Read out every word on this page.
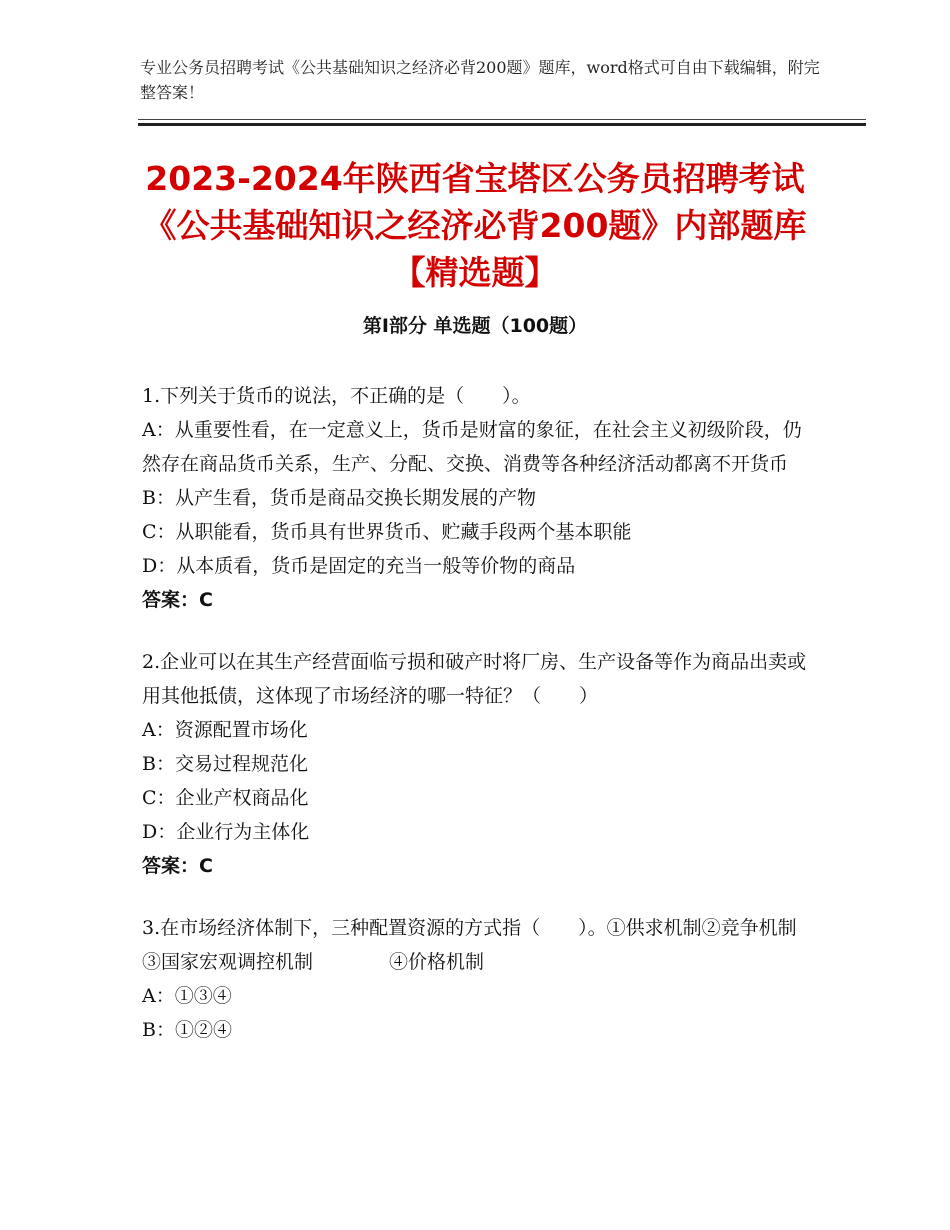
专业公务员招聘考试《公共基础知识之经济必背200题》题库，word格式可自由下载编辑，附完整答案！
2023-2024年陕西省宝塔区公务员招聘考试《公共基础知识之经济必背200题》内部题库【精选题】
第I部分 单选题（100题）
1.下列关于货币的说法，不正确的是（　　）。
A：从重要性看，在一定意义上，货币是财富的象征，在社会主义初级阶段，仍然存在商品货币关系，生产、分配、交换、消费等各种经济活动都离不开货币
B：从产生看，货币是商品交换长期发展的产物
C：从职能看，货币具有世界货币、贮藏手段两个基本职能
D：从本质看，货币是固定的充当一般等价物的商品
答案：C
2.企业可以在其生产经营面临亏损和破产时将厂房、生产设备等作为商品出卖或用其他抵债，这体现了市场经济的哪一特征？（　　）
A：资源配置市场化
B：交易过程规范化
C：企业产权商品化
D：企业行为主体化
答案：C
3.在市场经济体制下，三种配置资源的方式指（　　）。①供求机制②竞争机制③国家宏观调控机制　　　　④价格机制
A：①③④
B：①②④
